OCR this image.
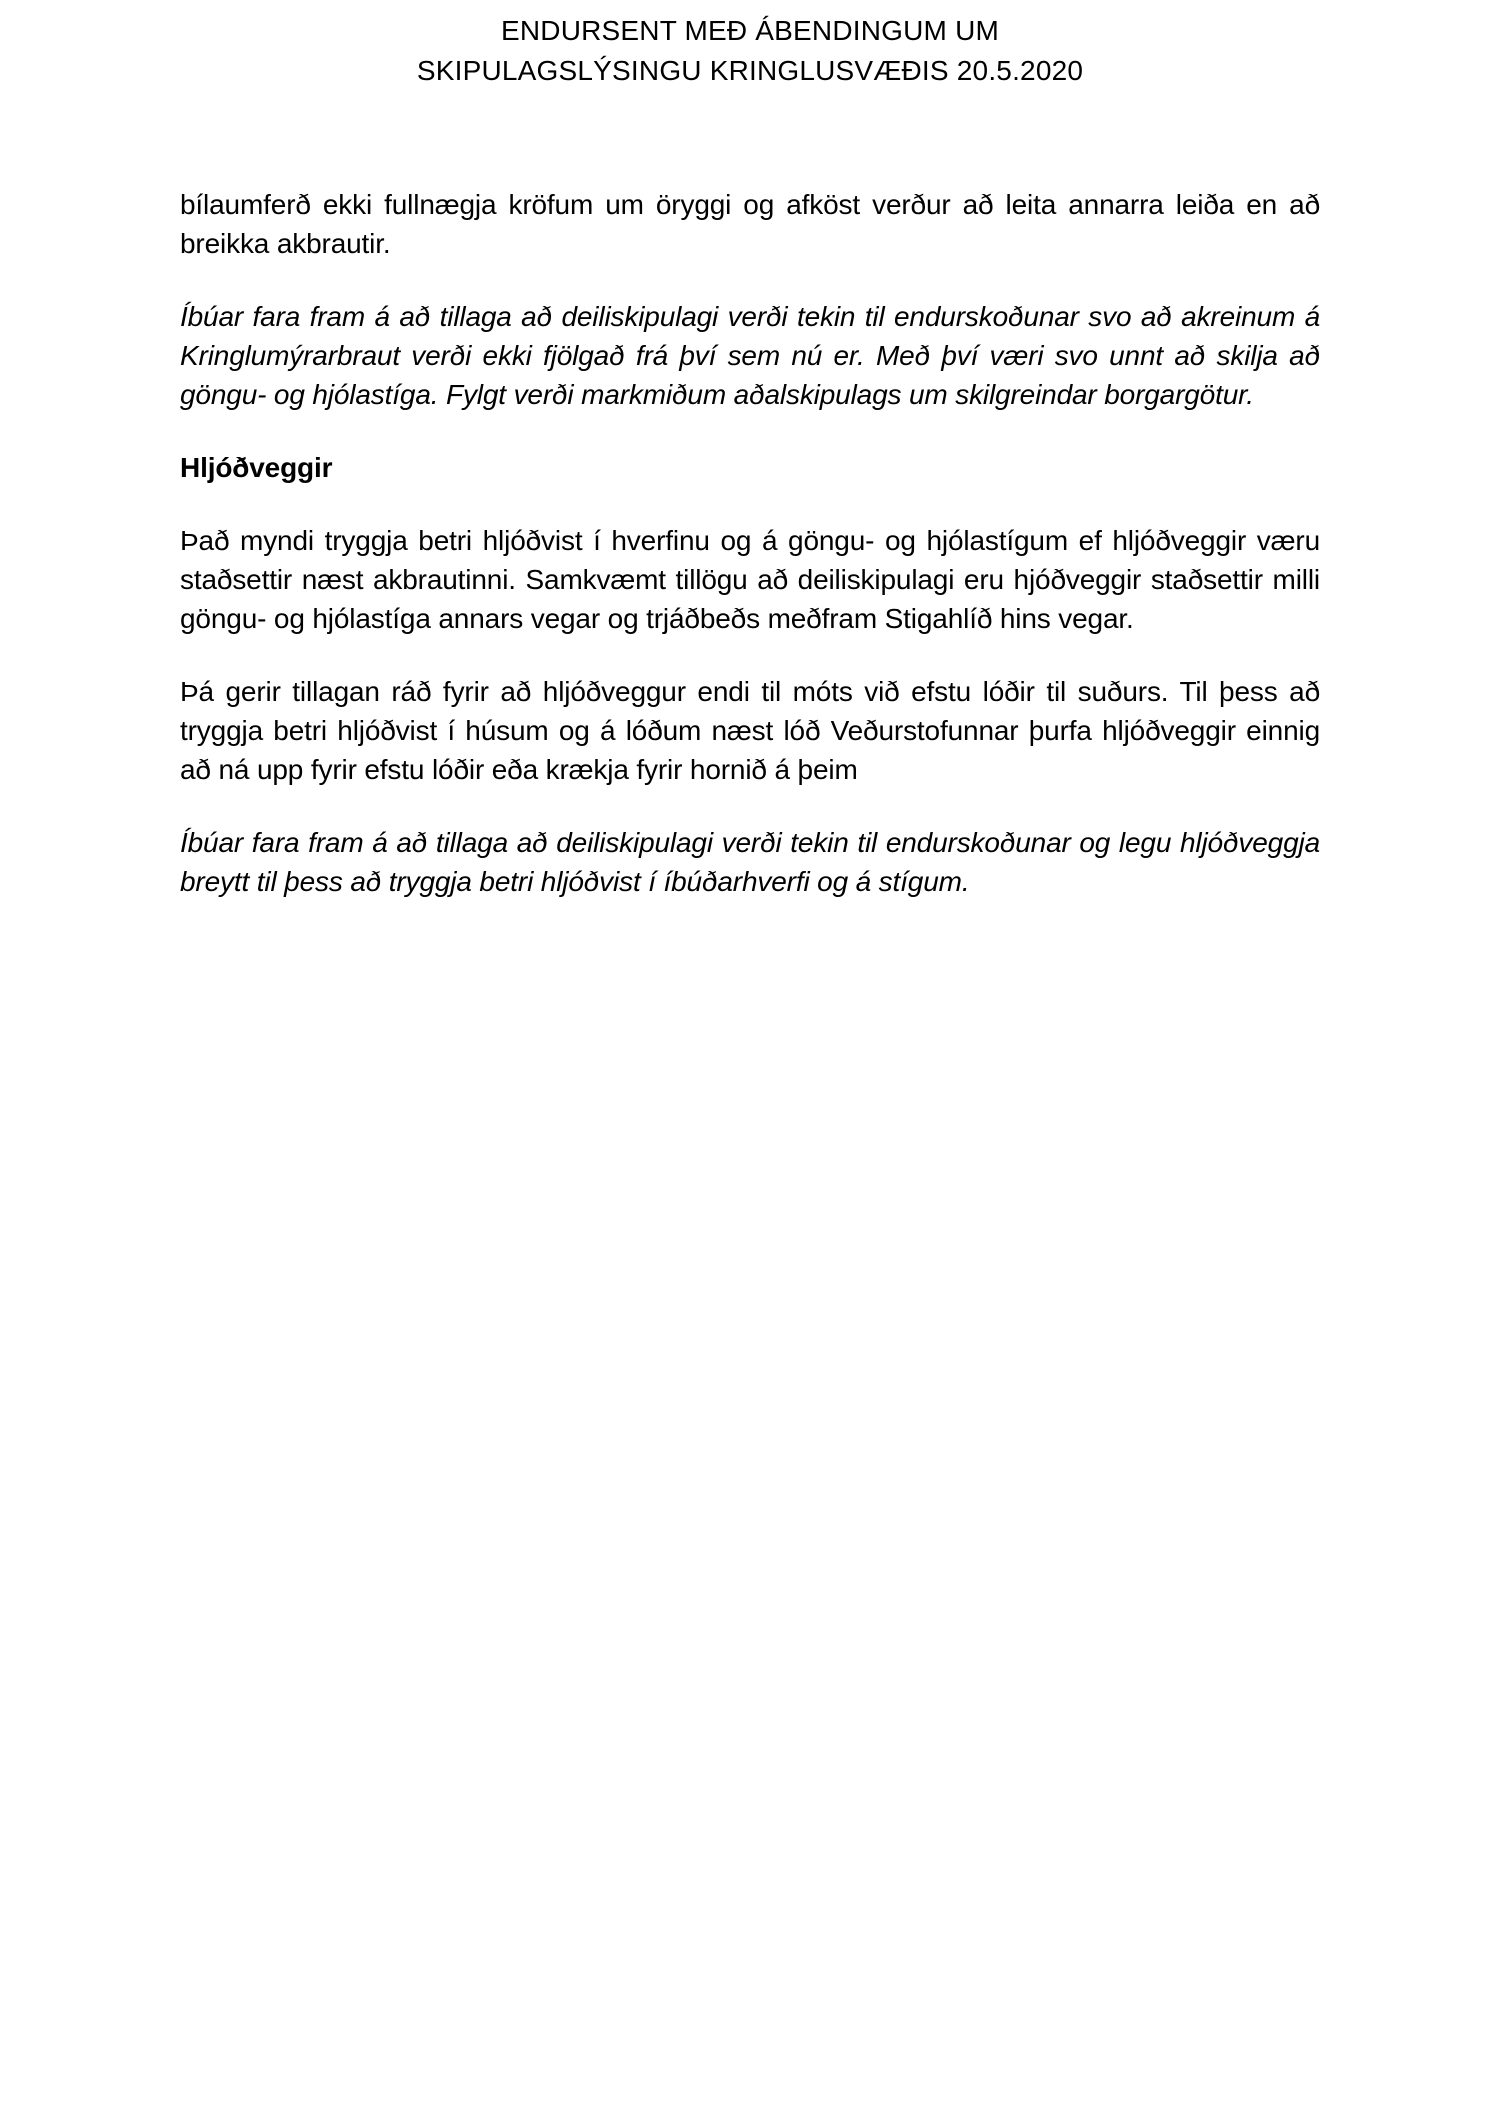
ENDURSENT MEÐ ÁBENDINGUM UM
SKIPULAGSLÝSINGU KRINGLUSVÆÐIS 20.5.2020
bílaumferð ekki fullnægja kröfum um öryggi og afköst verður að leita annarra leiða en að
breikka akbrautir.
Íbúar fara fram á að tillaga að deiliskipulagi verði tekin til endurskoðunar svo að akreinum á
Kringlumýrarbraut verði ekki fjölgað frá því sem nú er. Með því væri svo unnt að skilja að
göngu- og hjólastíga. Fylgt verði markmiðum aðalskipulags um skilgreindar borgargötur.
Hljóðveggir
Það myndi tryggja betri hljóðvist í hverfinu og á göngu- og hjólastígum ef hljóðveggir væru
staðsettir næst akbrautinni. Samkvæmt tillögu að deiliskipulagi eru hjóðveggir staðsettir milli
göngu- og hjólastíga annars vegar og trjáðbeðs meðfram Stigahlíð hins vegar.
Þá gerir tillagan ráð fyrir að hljóðveggur endi til móts við efstu lóðir til suðurs. Til þess að
tryggja betri hljóðvist í húsum og á lóðum næst lóð Veðurstofunnar þurfa hljóðveggir einnig
að ná upp fyrir efstu lóðir eða krækja fyrir hornið á þeim
Íbúar fara fram á að tillaga að deiliskipulagi verði tekin til endurskoðunar og legu hljóðveggja
breytt til þess að tryggja betri hljóðvist í íbúðarhverfi og á stígum.
